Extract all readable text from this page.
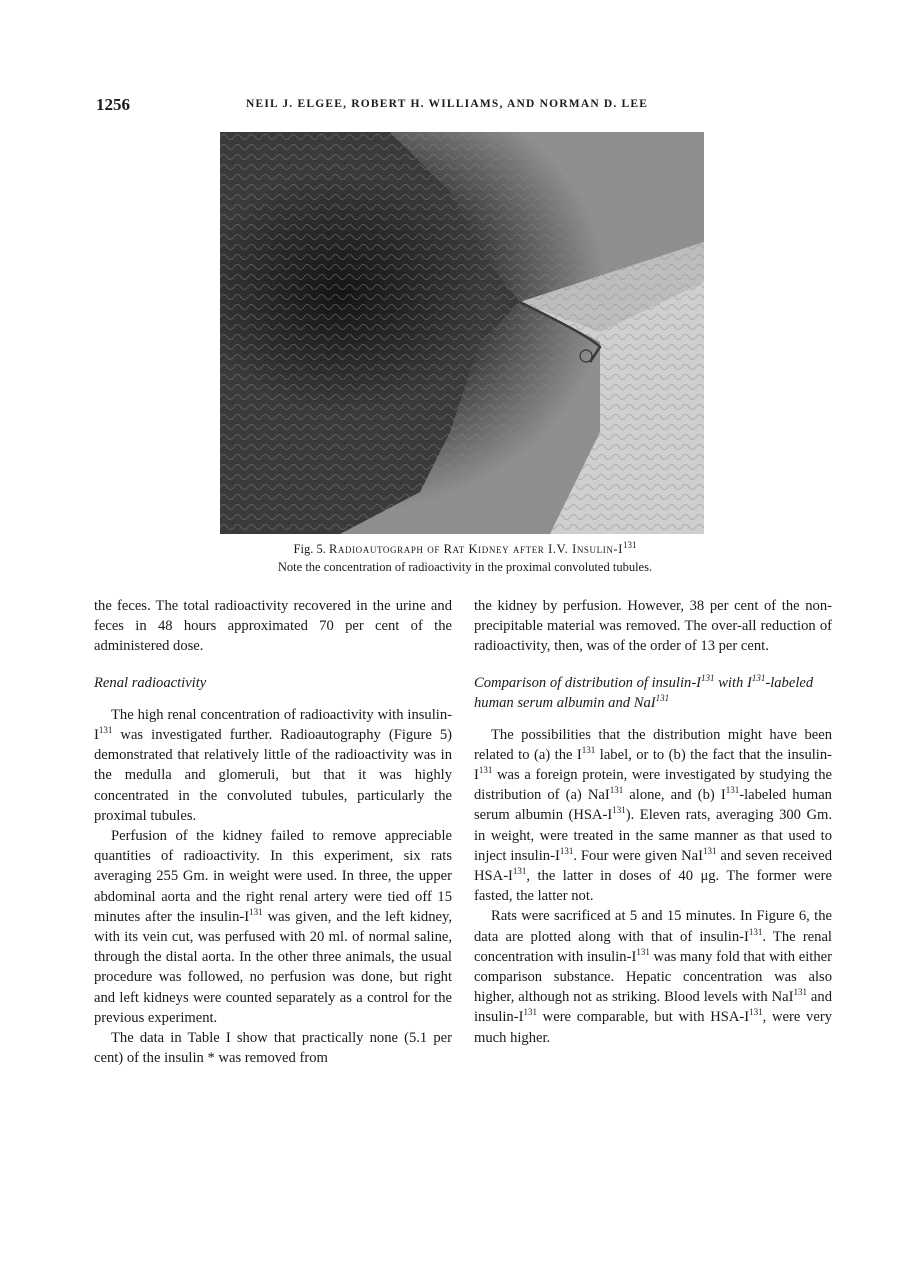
1256	NEIL J. ELGEE, ROBERT H. WILLIAMS, AND NORMAN D. LEE
Fig. 5. Radioautograph of Rat Kidney after I.V. Insulin-$I^{131}$
Note the concentration of radioactivity in the proximal convoluted tubules.

the feces. The total radioactivity recovered in the urine and feces in 48 hours approximated 70 per cent of the administered dose.

Renal radioactivity

The high renal concentration of radioactivity with insulin-$I^{131}$ was investigated further. Radioautography (Figure 5) demonstrated that relatively little of the radioactivity was in the medulla and glomeruli, but that it was highly concentrated in the convoluted tubules, particularly the proximal tubules.

Perfusion of the kidney failed to remove appreciable quantities of radioactivity. In this experiment, six rats averaging 255 Gm. in weight were used. In three, the upper abdominal aorta and the right renal artery were tied off 15 minutes after the insulin-$I^{131}$ was given, and the left kidney, with its vein cut, was perfused with 20 ml. of normal saline, through the distal aorta. In the other three animals, the usual procedure was followed, no perfusion was done, but right and left kidneys were counted separately as a control for the previous experiment.

The data in Table I show that practically none (5.1 per cent) of the insulin * was removed from

the kidney by perfusion. However, 38 per cent of the non-precipitable material was removed. The over-all reduction of radioactivity, then, was of the order of 13 per cent.

Comparison of distribution of insulin-$I^{131}$ with $I^{131}$-labeled human serum albumin and NaI$^{131}$

The possibilities that the distribution might have been related to (a) the $I^{131}$ label, or to (b) the fact that the insulin-$I^{131}$ was a foreign protein, were investigated by studying the distribution of (a) NaI$^{131}$ alone, and (b) $I^{131}$-labeled human serum albumin $(HSA-I^{131})$. Eleven rats, averaging 300 Gm. in weight, were treated in the same manner as that used to inject insulin-$I^{131}$. Four were given NaI$^{131}$ and seven received HSA-$I^{131}$, the latter in doses of 40 μg. The former were fasted, the latter not.

Rats were sacrificed at 5 and 15 minutes. In Figure 6, the data are plotted along with that of insulin-$I^{131}$. The renal concentration with insulin-$I^{131}$ was many fold that with either comparison substance. Hepatic concentration was also higher, although not as striking. Blood levels with NaI$^{131}$ and insulin-$I^{131}$ were comparable, but with HSA-$I^{131}$, were very much higher.
